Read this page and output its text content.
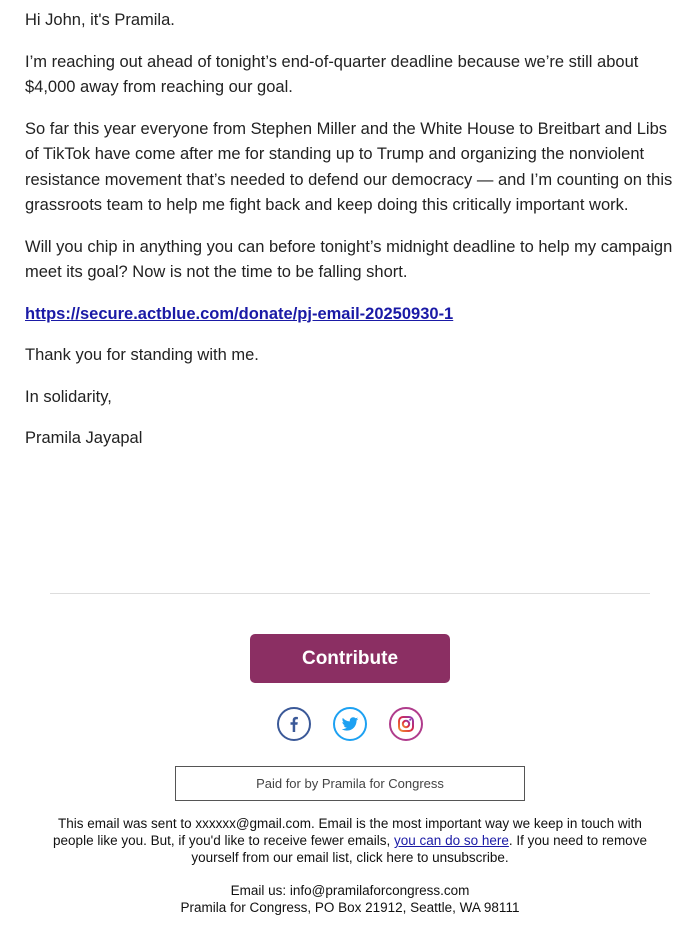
Hi John, it's Pramila.

I’m reaching out ahead of tonight’s end-of-quarter deadline because we’re still about $4,000 away from reaching our goal.

So far this year everyone from Stephen Miller and the White House to Breitbart and Libs of TikTok have come after me for standing up to Trump and organizing the nonviolent resistance movement that’s needed to defend our democracy — and I’m counting on this grassroots team to help me fight back and keep doing this critically important work.

Will you chip in anything you can before tonight’s midnight deadline to help my campaign meet its goal? Now is not the time to be falling short.

https://secure.actblue.com/donate/pj-email-20250930-1

Thank you for standing with me.

In solidarity,

Pramila Jayapal

Contribute
Paid for by Pramila for Congress

This email was sent to xxxxxx@gmail.com. Email is the most important way we keep in touch with people like you. But, if you'd like to receive fewer emails, you can do so here. If you need to remove yourself from our email list, click here to unsubscribe.

Email us: info@pramilaforcongress.com

Pramila for Congress, PO Box 21912, Seattle, WA 98111
